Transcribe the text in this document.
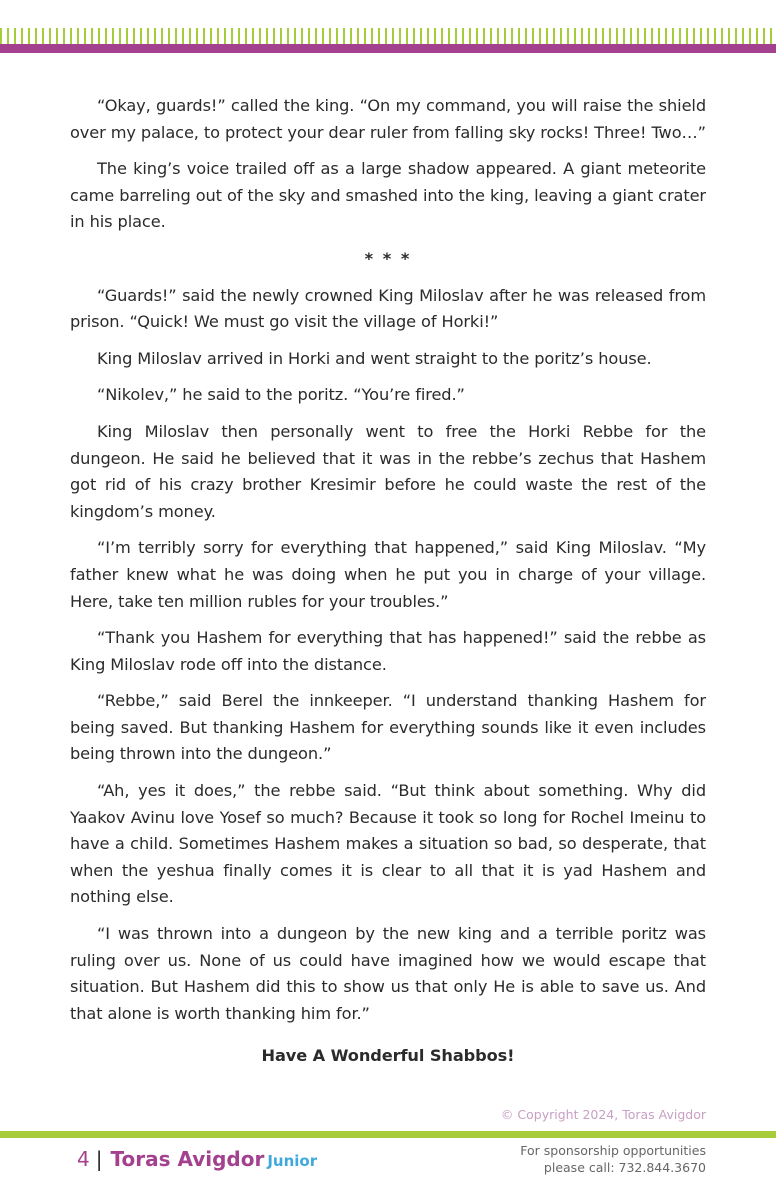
“Okay, guards!” called the king. “On my command, you will raise the shield over my palace, to protect your dear ruler from falling sky rocks! Three! Two…”

The king’s voice trailed off as a large shadow appeared. A giant meteorite came barreling out of the sky and smashed into the king, leaving a giant crater in his place.

* * *

“Guards!” said the newly crowned King Miloslav after he was released from prison. “Quick! We must go visit the village of Horki!”

King Miloslav arrived in Horki and went straight to the poritz’s house.

“Nikolev,” he said to the poritz. “You’re fired.”

King Miloslav then personally went to free the Horki Rebbe for the dungeon. He said he believed that it was in the rebbe’s zechus that Hashem got rid of his crazy brother Kresimir before he could waste the rest of the kingdom’s money.

“I’m terribly sorry for everything that happened,” said King Miloslav. “My father knew what he was doing when he put you in charge of your village. Here, take ten million rubles for your troubles.”

“Thank you Hashem for everything that has happened!” said the rebbe as King Miloslav rode off into the distance.

“Rebbe,” said Berel the innkeeper. “I understand thanking Hashem for being saved. But thanking Hashem for everything sounds like it even includes being thrown into the dungeon.”

“Ah, yes it does,” the rebbe said. “But think about something. Why did Yaakov Avinu love Yosef so much? Because it took so long for Rochel Imeinu to have a child. Sometimes Hashem makes a situation so bad, so desperate, that when the yeshua finally comes it is clear to all that it is yad Hashem and nothing else.

“I was thrown into a dungeon by the new king and a terrible poritz was ruling over us. None of us could have imagined how we would escape that situation. But Hashem did this to show us that only He is able to save us. And that alone is worth thanking him for.”

Have A Wonderful Shabbos!

© Copyright 2024, Toras Avigdor
4 | Toras Avigdor Junior
For sponsorship opportunities
please call: 732.844.3670
